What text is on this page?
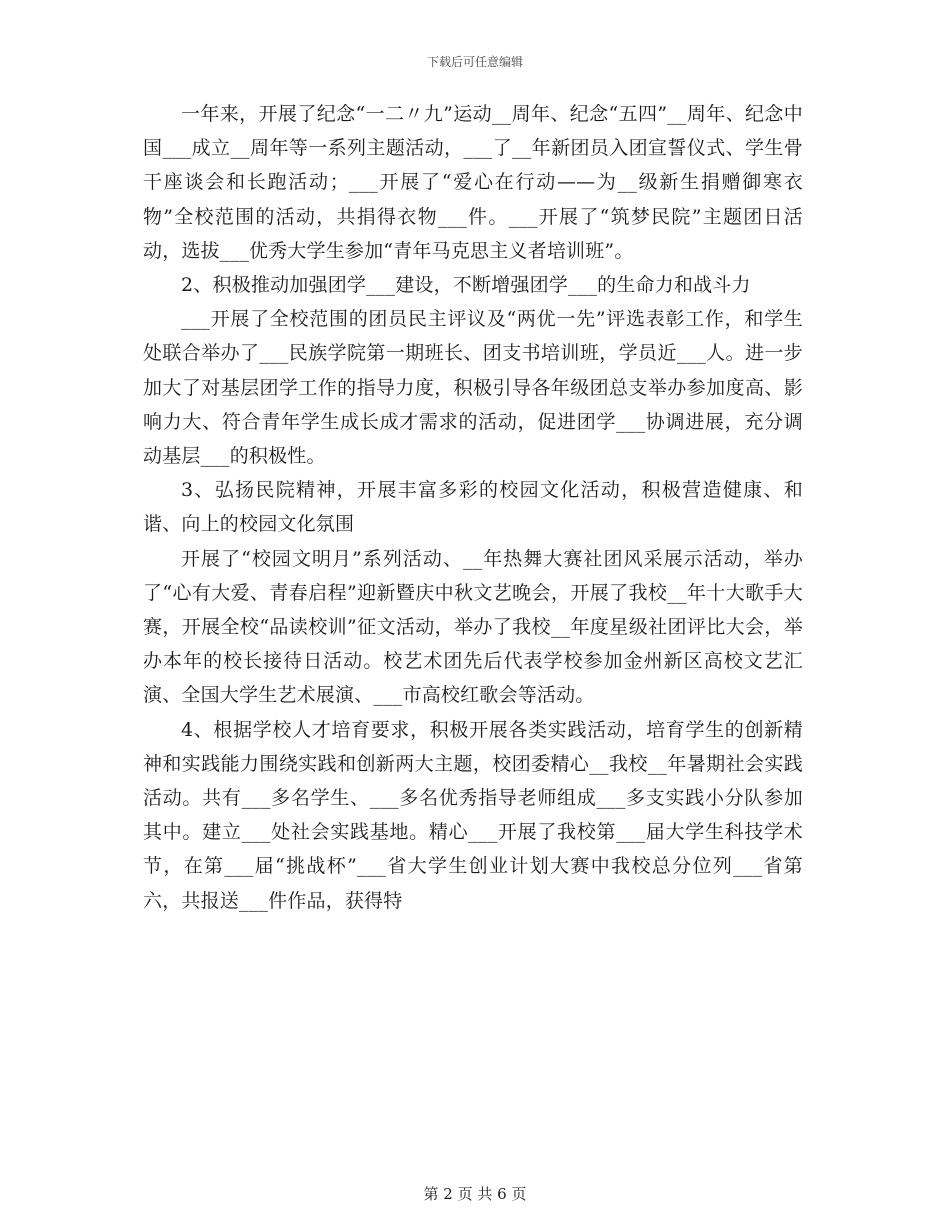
下载后可任意编辑

一年来，开展了纪念“一二〃九”运动__周年、纪念“五四”__周年、纪念中国___成立__周年等一系列主题活动，___了__年新团员入团宣誓仪式、学生骨干座谈会和长跑活动；___开展了“爱心在行动——为__级新生捐赠御寒衣物”全校范围的活动，共捐得衣物___件。___开展了“筑梦民院”主题团日活动，选拔___优秀大学生参加“青年马克思主义者培训班”。

2、积极推动加强团学___建设，不断增强团学___的生命力和战斗力

___开展了全校范围的团员民主评议及“两优一先”评选表彰工作，和学生处联合举办了___民族学院第一期班长、团支书培训班，学员近___人。进一步加大了对基层团学工作的指导力度，积极引导各年级团总支举办参加度高、影响力大、符合青年学生成长成才需求的活动，促进团学___协调进展，充分调动基层___的积极性。

3、弘扬民院精神，开展丰富多彩的校园文化活动，积极营造健康、和谐、向上的校园文化氛围

开展了“校园文明月”系列活动、__年热舞大赛社团风采展示活动，举办了“心有大爱、青春启程”迎新暨庆中秋文艺晚会，开展了我校__年十大歌手大赛，开展全校“品读校训”征文活动，举办了我校__年度星级社团评比大会，举办本年的校长接待日活动。校艺术团先后代表学校参加金州新区高校文艺汇演、全国大学生艺术展演、___市高校红歌会等活动。

4、根据学校人才培育要求，积极开展各类实践活动，培育学生的创新精神和实践能力围绕实践和创新两大主题，校团委精心__我校__年暑期社会实践活动。共有___多名学生、___多名优秀指导老师组成___多支实践小分队参加其中。建立___处社会实践基地。精心___开展了我校第___届大学生科技学术节，在第___届“挑战杯”___省大学生创业计划大赛中我校总分位列___省第六，共报送___件作品，获得特

第 2 页 共 6 页
